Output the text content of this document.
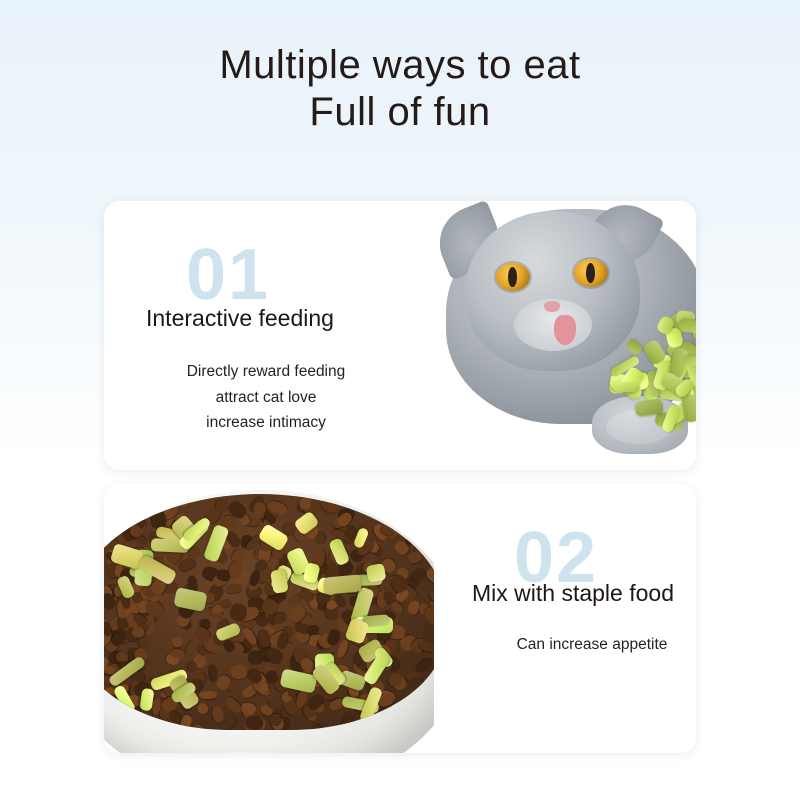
Multiple ways to eat
Full of fun
01
Interactive feeding
Directly reward feeding
attract cat love
increase intimacy
02
Mix with staple food
Can increase appetite
